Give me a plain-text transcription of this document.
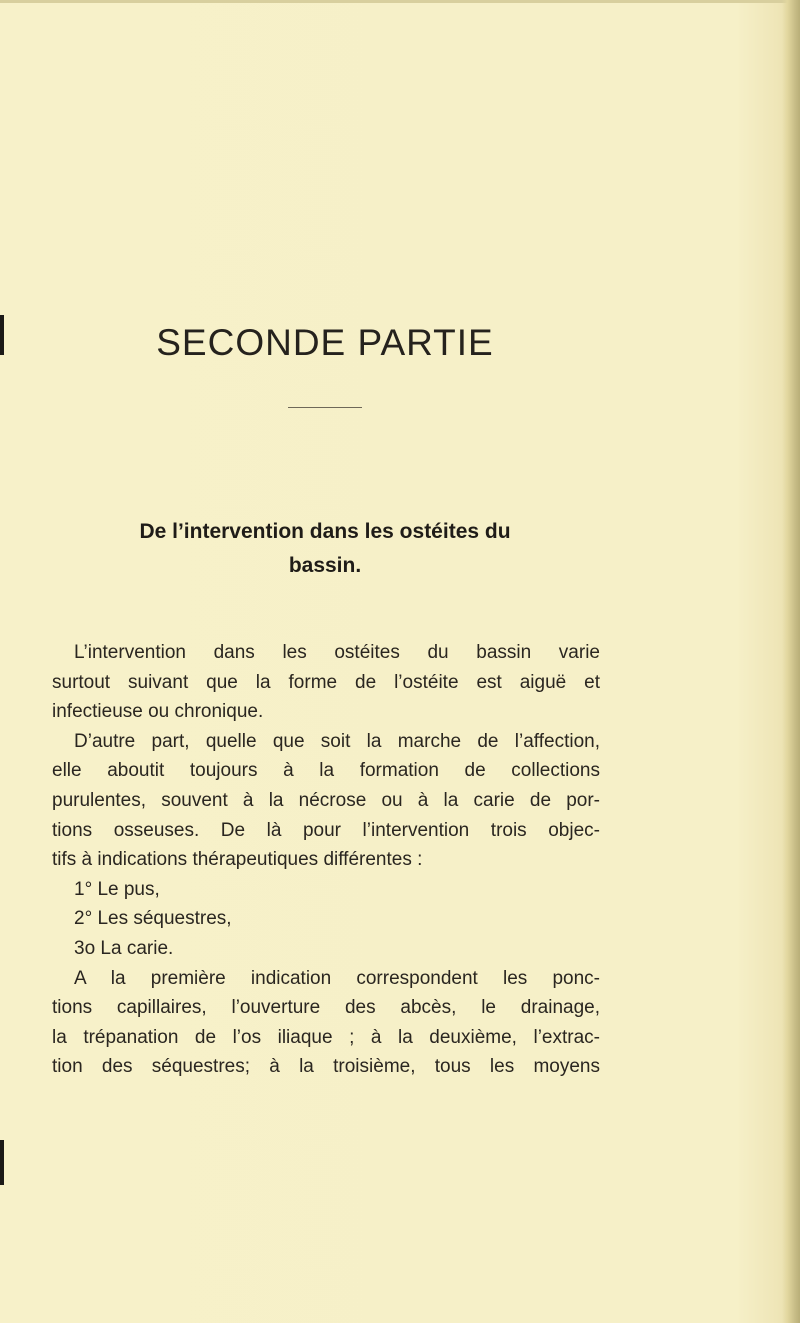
SECONDE PARTIE
De l’intervention dans les ostéites du
bassin.
L’intervention dans les ostéites du bassin varie
surtout suivant que la forme de l’ostéite est aiguë et
infectieuse ou chronique.
D’autre part, quelle que soit la marche de l’affection,
elle aboutit toujours à la formation de collections
purulentes, souvent à la nécrose ou à la carie de por-
tions osseuses. De là pour l’intervention trois objec-
tifs à indications thérapeutiques différentes :
1° Le pus,
2° Les séquestres,
3o La carie.
A la première indication correspondent les ponc-
tions capillaires, l’ouverture des abcès, le drainage,
la trépanation de l’os iliaque ; à la deuxième, l’extrac-
tion des séquestres; à la troisième, tous les moyens
